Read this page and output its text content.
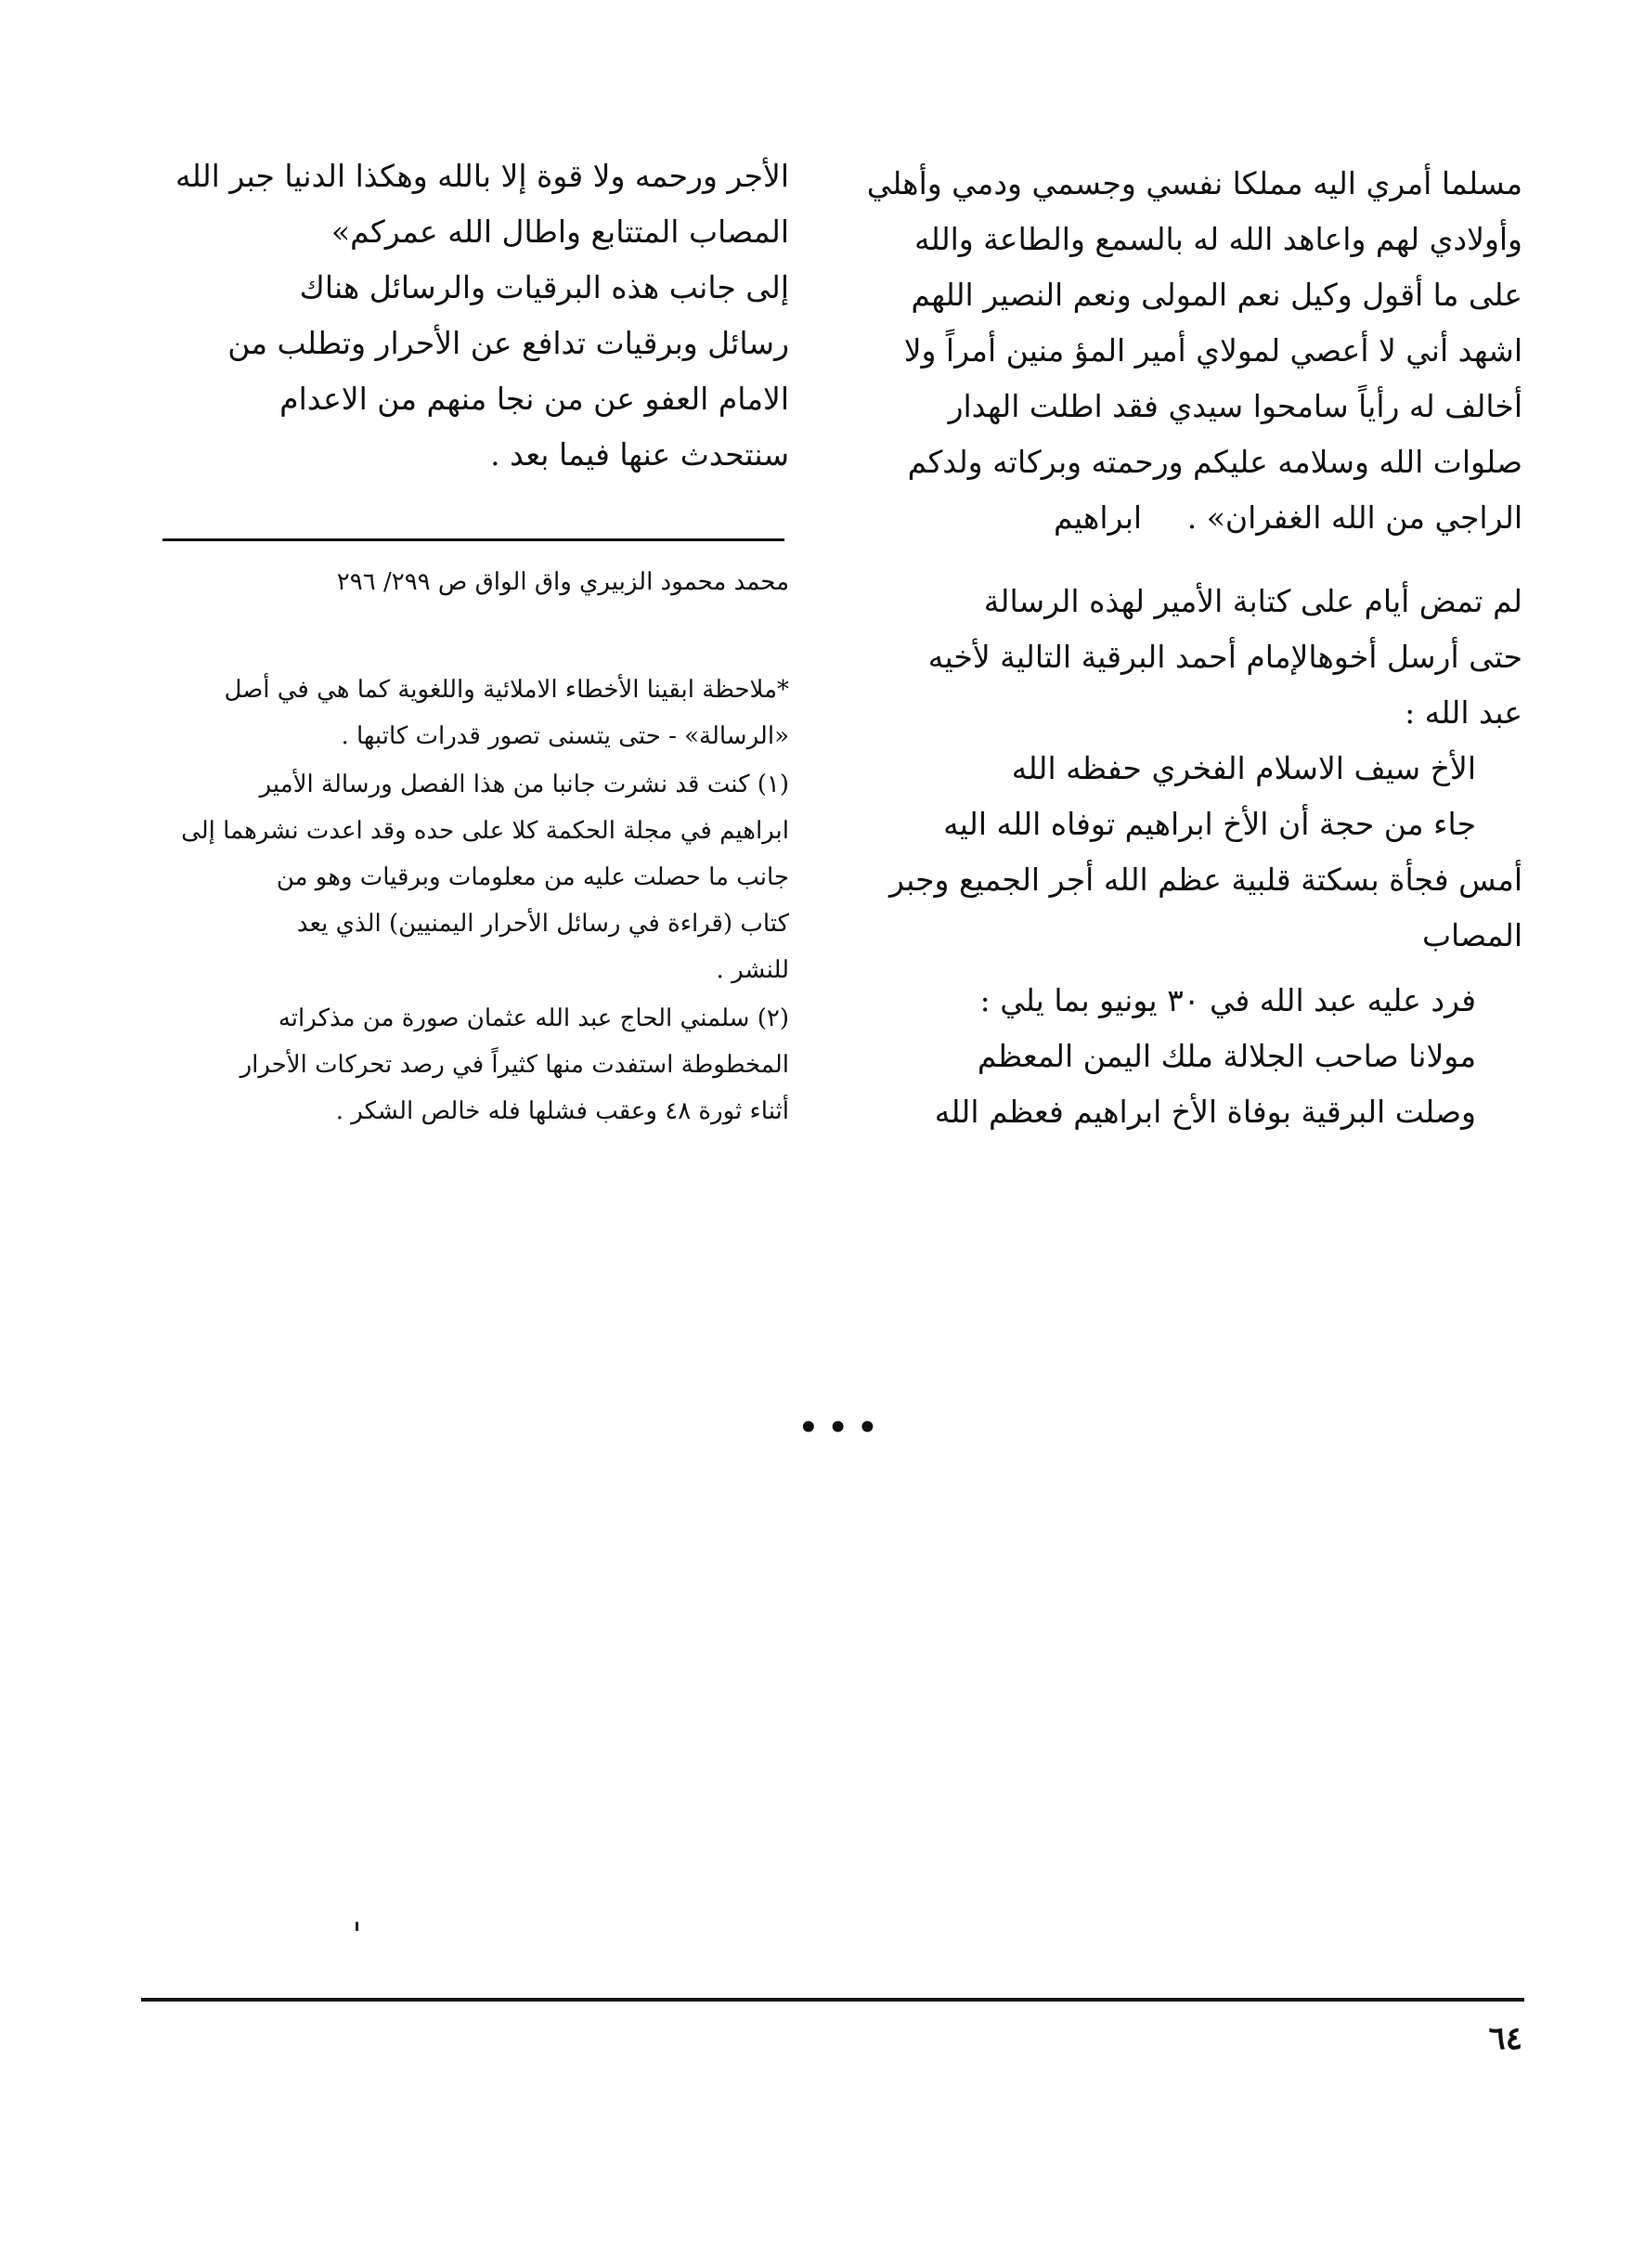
مسلما أمري اليه مملكا نفسي وجسمي ودمي وأهلي
وأولادي لهم واعاهد الله له بالسمع والطاعة والله
على ما أقول وكيل نعم المولى ونعم النصير اللهم
اشهد أني لا أعصي لمولاي أمير المؤ منين أمراً ولا
أخالف له رأياً سامحوا سيدي فقد اطلت الهدار
صلوات الله وسلامه عليكم ورحمته وبركاته ولدكم
الراجي من الله الغفران» .
ابراهيم
لم تمض أيام على كتابة الأمير لهذه الرسالة
حتى أرسل أخوهالإمام أحمد البرقية التالية لأخيه
عبد الله :
الأخ سيف الاسلام الفخري حفظه الله
جاء من حجة أن الأخ ابراهيم توفاه الله اليه
أمس فجأة بسكتة قلبية عظم الله أجر الجميع وجبر
المصاب
فرد عليه عبد الله في ٣٠ يونيو بما يلي :
مولانا صاحب الجلالة ملك اليمن المعظم
وصلت البرقية بوفاة الأخ ابراهيم فعظم الله
الأجر ورحمه ولا قوة إلا بالله وهكذا الدنيا جبر الله
المصاب المتتابع واطال الله عمركم»
إلى جانب هذه البرقيات والرسائل هناك
رسائل وبرقيات تدافع عن الأحرار وتطلب من
الامام العفو عن من نجا منهم من الاعدام
سنتحدث عنها فيما بعد .
محمد محمود الزبيري واق الواق ص ٢٩٩/ ٢٩٦
*ملاحظة ابقينا الأخطاء الاملائية واللغوية كما هي في أصل
«الرسالة» - حتى يتسنى تصور قدرات كاتبها .
(١) كنت قد نشرت جانبا من هذا الفصل ورسالة الأمير
ابراهيم في مجلة الحكمة كلا على حده وقد اعدت نشرهما إلى
جانب ما حصلت عليه من معلومات وبرقيات وهو من
كتاب (قراءة في رسائل الأحرار اليمنيين) الذي يعد
للنشر .
(٢) سلمني الحاج عبد الله عثمان صورة من مذكراته
المخطوطة استفدت منها كثيراً في رصد تحركات الأحرار
أثناء ثورة ٤٨ وعقب فشلها فله خالص الشكر .
•••
٦٤
